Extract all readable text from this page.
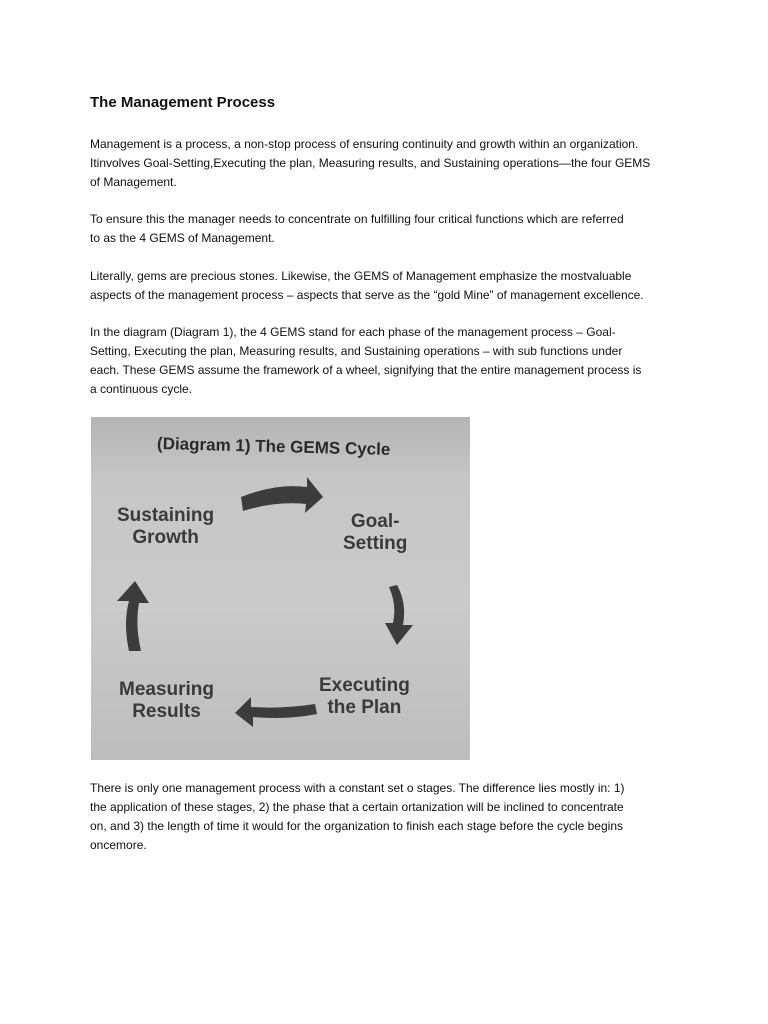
The Management Process

Management is a process, a non-stop process of ensuring continuity and growth within an organization.
Itinvolves Goal-Setting,Executing the plan, Measuring results, and Sustaining operations—the four GEMS
of Management.

To ensure this the manager needs to concentrate on fulfilling four critical functions which are referred
to as the 4 GEMS of Management.

Literally, gems are precious stones. Likewise, the GEMS of Management emphasize the mostvaluable
aspects of the management process – aspects that serve as the “gold Mine” of management excellence.

In the diagram (Diagram 1), the 4 GEMS stand for each phase of the management process – Goal-
Setting, Executing the plan, Measuring results, and Sustaining operations – with sub functions under
each. These GEMS assume the framework of a wheel, signifying that the entire management process is
a continuous cycle.

(Diagram 1) The GEMS Cycle
Sustaining
Growth
Goal-
Setting
Executing
the Plan
Measuring
Results

There is only one management process with a constant set o stages. The difference lies mostly in: 1)
the application of these stages, 2) the phase that a certain ortanization will be inclined to concentrate
on, and 3) the length of time it would for the organization to finish each stage before the cycle begins
oncemore.
